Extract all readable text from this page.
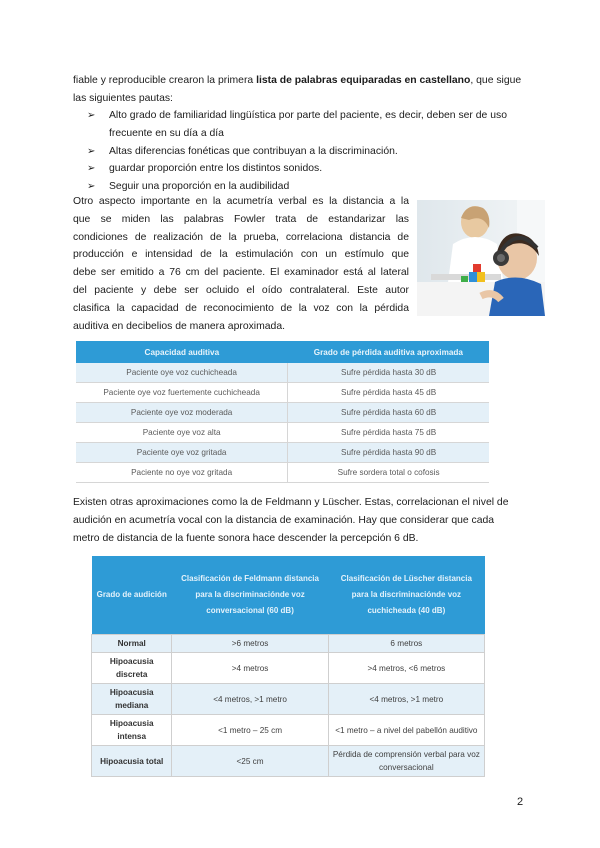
fiable y reproducible crearon la primera lista de palabras equiparadas en castellano, que sigue
las siguientes pautas:

➢ Alto grado de familiaridad lingüística por parte del paciente, es decir, deben ser de uso
frecuente en su día a día
➢ Altas diferencias fonéticas que contribuyan a la discriminación.
➢ guardar proporción entre los distintos sonidos.
➢ Seguir una proporción en la audibilidad
Otro aspecto importante en la acumetría verbal es la distancia a la
que se miden las palabras Fowler trata de estandarizar las
condiciones de realización de la prueba, correlaciona distancia de
producción e intensidad de la estimulación con un estímulo que
debe ser emitido a 76 cm del paciente. El examinador está al lateral
del paciente y debe ser ocluido el oído contralateral. Este autor
clasifica la capacidad de reconocimiento de la voz con la pérdida
auditiva en decibelios de manera aproximada.
Capacidad auditiva	Grado de pérdida auditiva aproximada
Paciente oye voz cuchicheada	Sufre pérdida hasta 30 dB
Paciente oye voz fuertemente cuchicheada	Sufre pérdida hasta 45 dB
Paciente oye voz moderada	Sufre pérdida hasta 60 dB
Paciente oye voz alta	Sufre pérdida hasta 75 dB
Paciente oye voz gritada	Sufre pérdida hasta 90 dB
Paciente no oye voz gritada	Sufre sordera total o cofosis
Existen otras aproximaciones como la de Feldmann y Lüscher. Estas, correlacionan el nivel de
audición en acumetría vocal con la distancia de examinación. Hay que considerar que cada
metro de distancia de la fuente sonora hace descender la percepción 6 dB.
Grado de audición	Clasificación de Feldmann distancia para la discriminaciónde voz conversacional (60 dB)	Clasificación de Lüscher distancia para la discriminaciónde voz cuchicheada (40 dB)
Normal	>6 metros	6 metros
Hipoacusia discreta	>4 metros	>4 metros, <6 metros
Hipoacusia mediana	<4 metros, >1 metro	<4 metros, >1 metro
Hipoacusia intensa	<1 metro – 25 cm	<1 metro – a nivel del pabellón auditivo
Hipoacusia total	<25 cm	Pérdida de comprensión verbal para voz conversacional
2
